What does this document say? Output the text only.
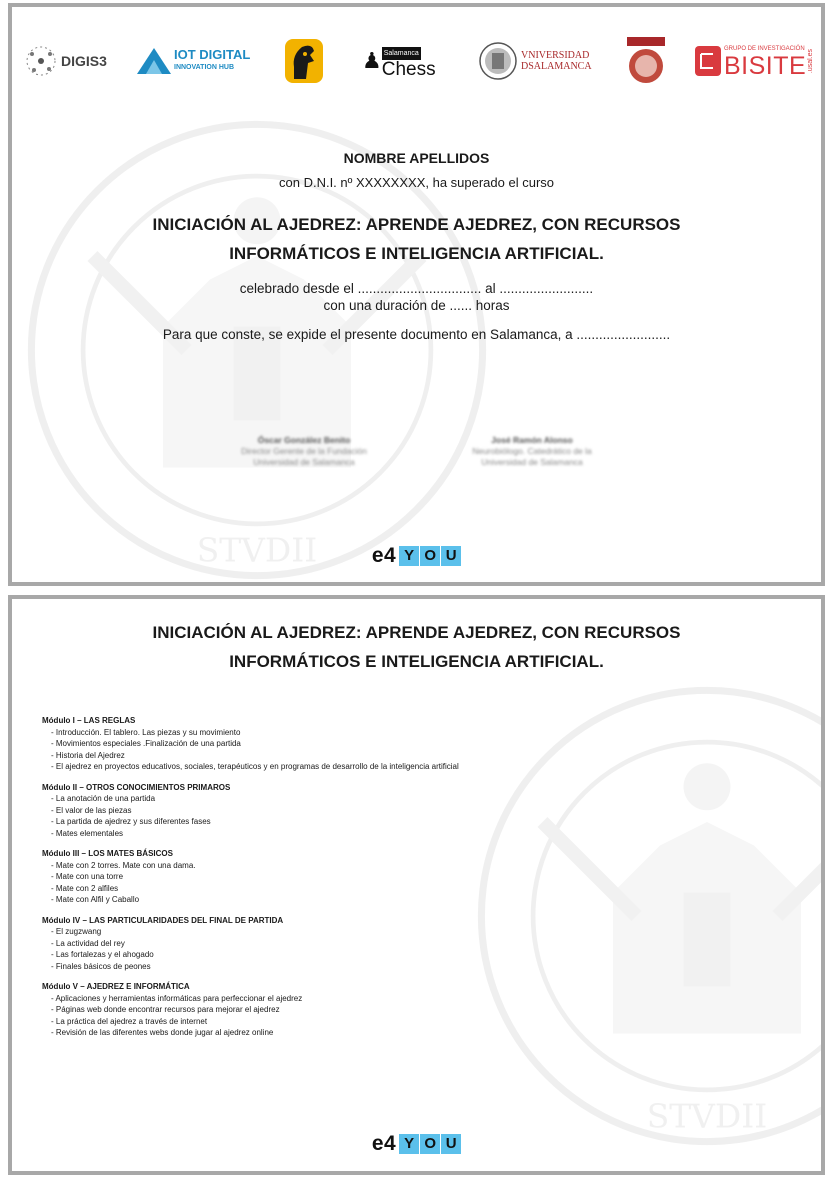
STVDII
DIGIS3	IOT DIGITAL
INNOVATION HUB	♟ Salamanca
Chess
VNIVERSIDAD
DSALAMANCA
GRUPO DE INVESTIGACIÓN
BISITE .usal.es
NOMBRE APELLIDOS
con D.N.I. nº XXXXXXXX, ha superado el curso
INICIACIÓN AL AJEDREZ: APRENDE AJEDREZ, CON RECURSOS
INFORMÁTICOS E INTELIGENCIA ARTIFICIAL.
celebrado desde el ................................. al .........................
con una duración de ...... horas
Para que conste, se expide el presente documento en Salamanca, a .........................
Óscar González Benito
Director Gerente de la Fundación
Universidad de Salamanca
José Ramón Alonso
Neurobiólogo. Catedrático de la
Universidad de Salamanca
e4 Y O U
STVDII
INICIACIÓN AL AJEDREZ: APRENDE AJEDREZ, CON RECURSOS
INFORMÁTICOS E INTELIGENCIA ARTIFICIAL.
Módulo I – LAS REGLAS
- Introducción. El tablero. Las piezas y su movimiento
- Movimientos especiales .Finalización de una partida
- Historia del Ajedrez
- El ajedrez en proyectos educativos, sociales, terapéuticos y en programas de desarrollo de la inteligencia artificial
Módulo II – OTROS CONOCIMIENTOS PRIMAROS
- La anotación de una partida
- El valor de las piezas
- La partida de ajedrez y sus diferentes fases
- Mates elementales
Módulo III – LOS MATES BÁSICOS
- Mate con 2 torres. Mate con una dama.
- Mate con una torre
- Mate con 2 alfiles
- Mate con Alfil y Caballo
Módulo IV – LAS PARTICULARIDADES DEL FINAL DE PARTIDA
- El zugzwang
- La actividad del rey
- Las fortalezas y el ahogado
- Finales básicos de peones
Módulo V – AJEDREZ E INFORMÁTICA
- Aplicaciones y herramientas informáticas para perfeccionar el ajedrez
- Páginas web donde encontrar recursos para mejorar el ajedrez
- La práctica del ajedrez a través de internet
- Revisión de las diferentes webs donde jugar al ajedrez online
e4 Y O U
